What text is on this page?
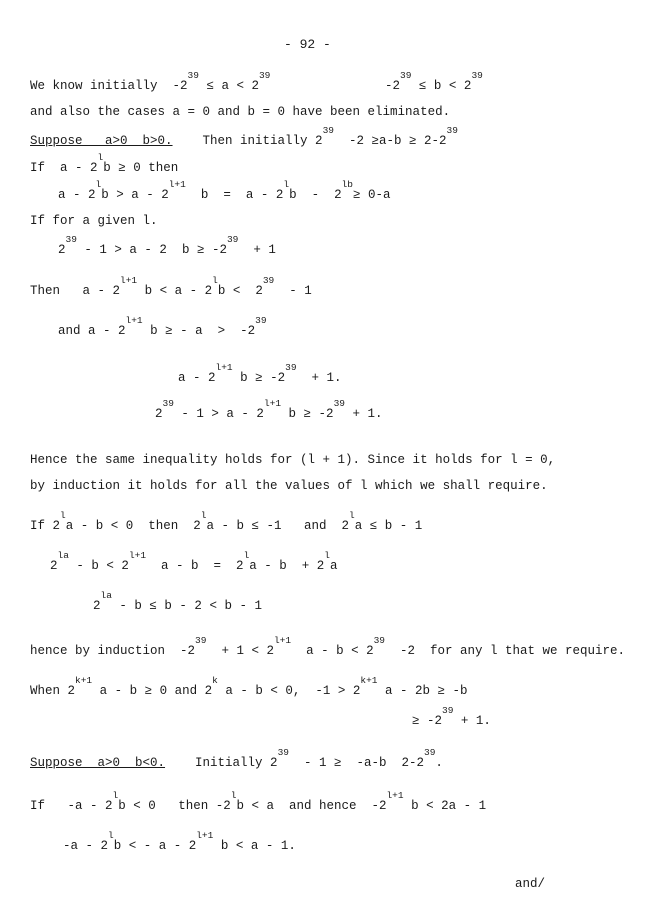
- 92 -
We know initially  $-2^{39} \le a < 2^{39}$
$-2^{39} \le b < 2^{39}$
and also the cases a = 0 and b = 0 have been eliminated.
Suppose   a>0  b>0.    Then initially $2^{39}$  $-2 \ge a-b \ge 2-2^{39}$
If  $a - 2^lb \ge 0$ then
$a - 2^lb > a - 2^{l+1}$  $b = a - 2^lb - 2^{lb}\ge 0-a$
If for a given l.
$2^{39} - 1 > a - 2$  $b \ge -2^{39} + 1$
Then   a - $2^{l+1}$ $b < a - 2^lb < 2^{39} - 1$
and a - $2^{l+1}$ b ≥ - $a > -2^{39}$
a - $2^{l+1}$ $b \ge -2^{39} + 1$.
$2^{39} - 1 > a - 2^{l+1}$ $b \ge -2^{39} + 1$.
Hence the same inequality holds for (l + 1). Since it holds for l = 0,
by induction it holds for all the values of l which we shall require.
If 2$^l$a - b < 0  then  2$^l$a - b ≤ -1   and  $2^la \le b - 1$
$2^{la} - b < 2^{l+1}$  $a - b = 2^la - b + 2^la$
$2^{la} - b \le b - 2 < b - 1$
hence by induction  $-2^{39} + 1 < 2^{l+1}$  $a - b < 2^{39}$  -2  for any l that we require.
When $2^{k+1}$ a - b ≥ 0 and 2$^k$ a - b < 0,  $-1 > 2^{k+1}$ a - 2b ≥ -b
≥ $-2^{39} + 1$.
Suppose  a>0  b<0.    Initially $2^{39} - 1 \ge -a-b$  $2-2^{39}$.
If   $-a - 2^lb < 0$   then $-2^lb < a$  and hence  $-2^{l+1}$ b < 2a - 1
$-a - 2^lb$ < - a - $2^{l+1}$ b < a - 1.
and/
